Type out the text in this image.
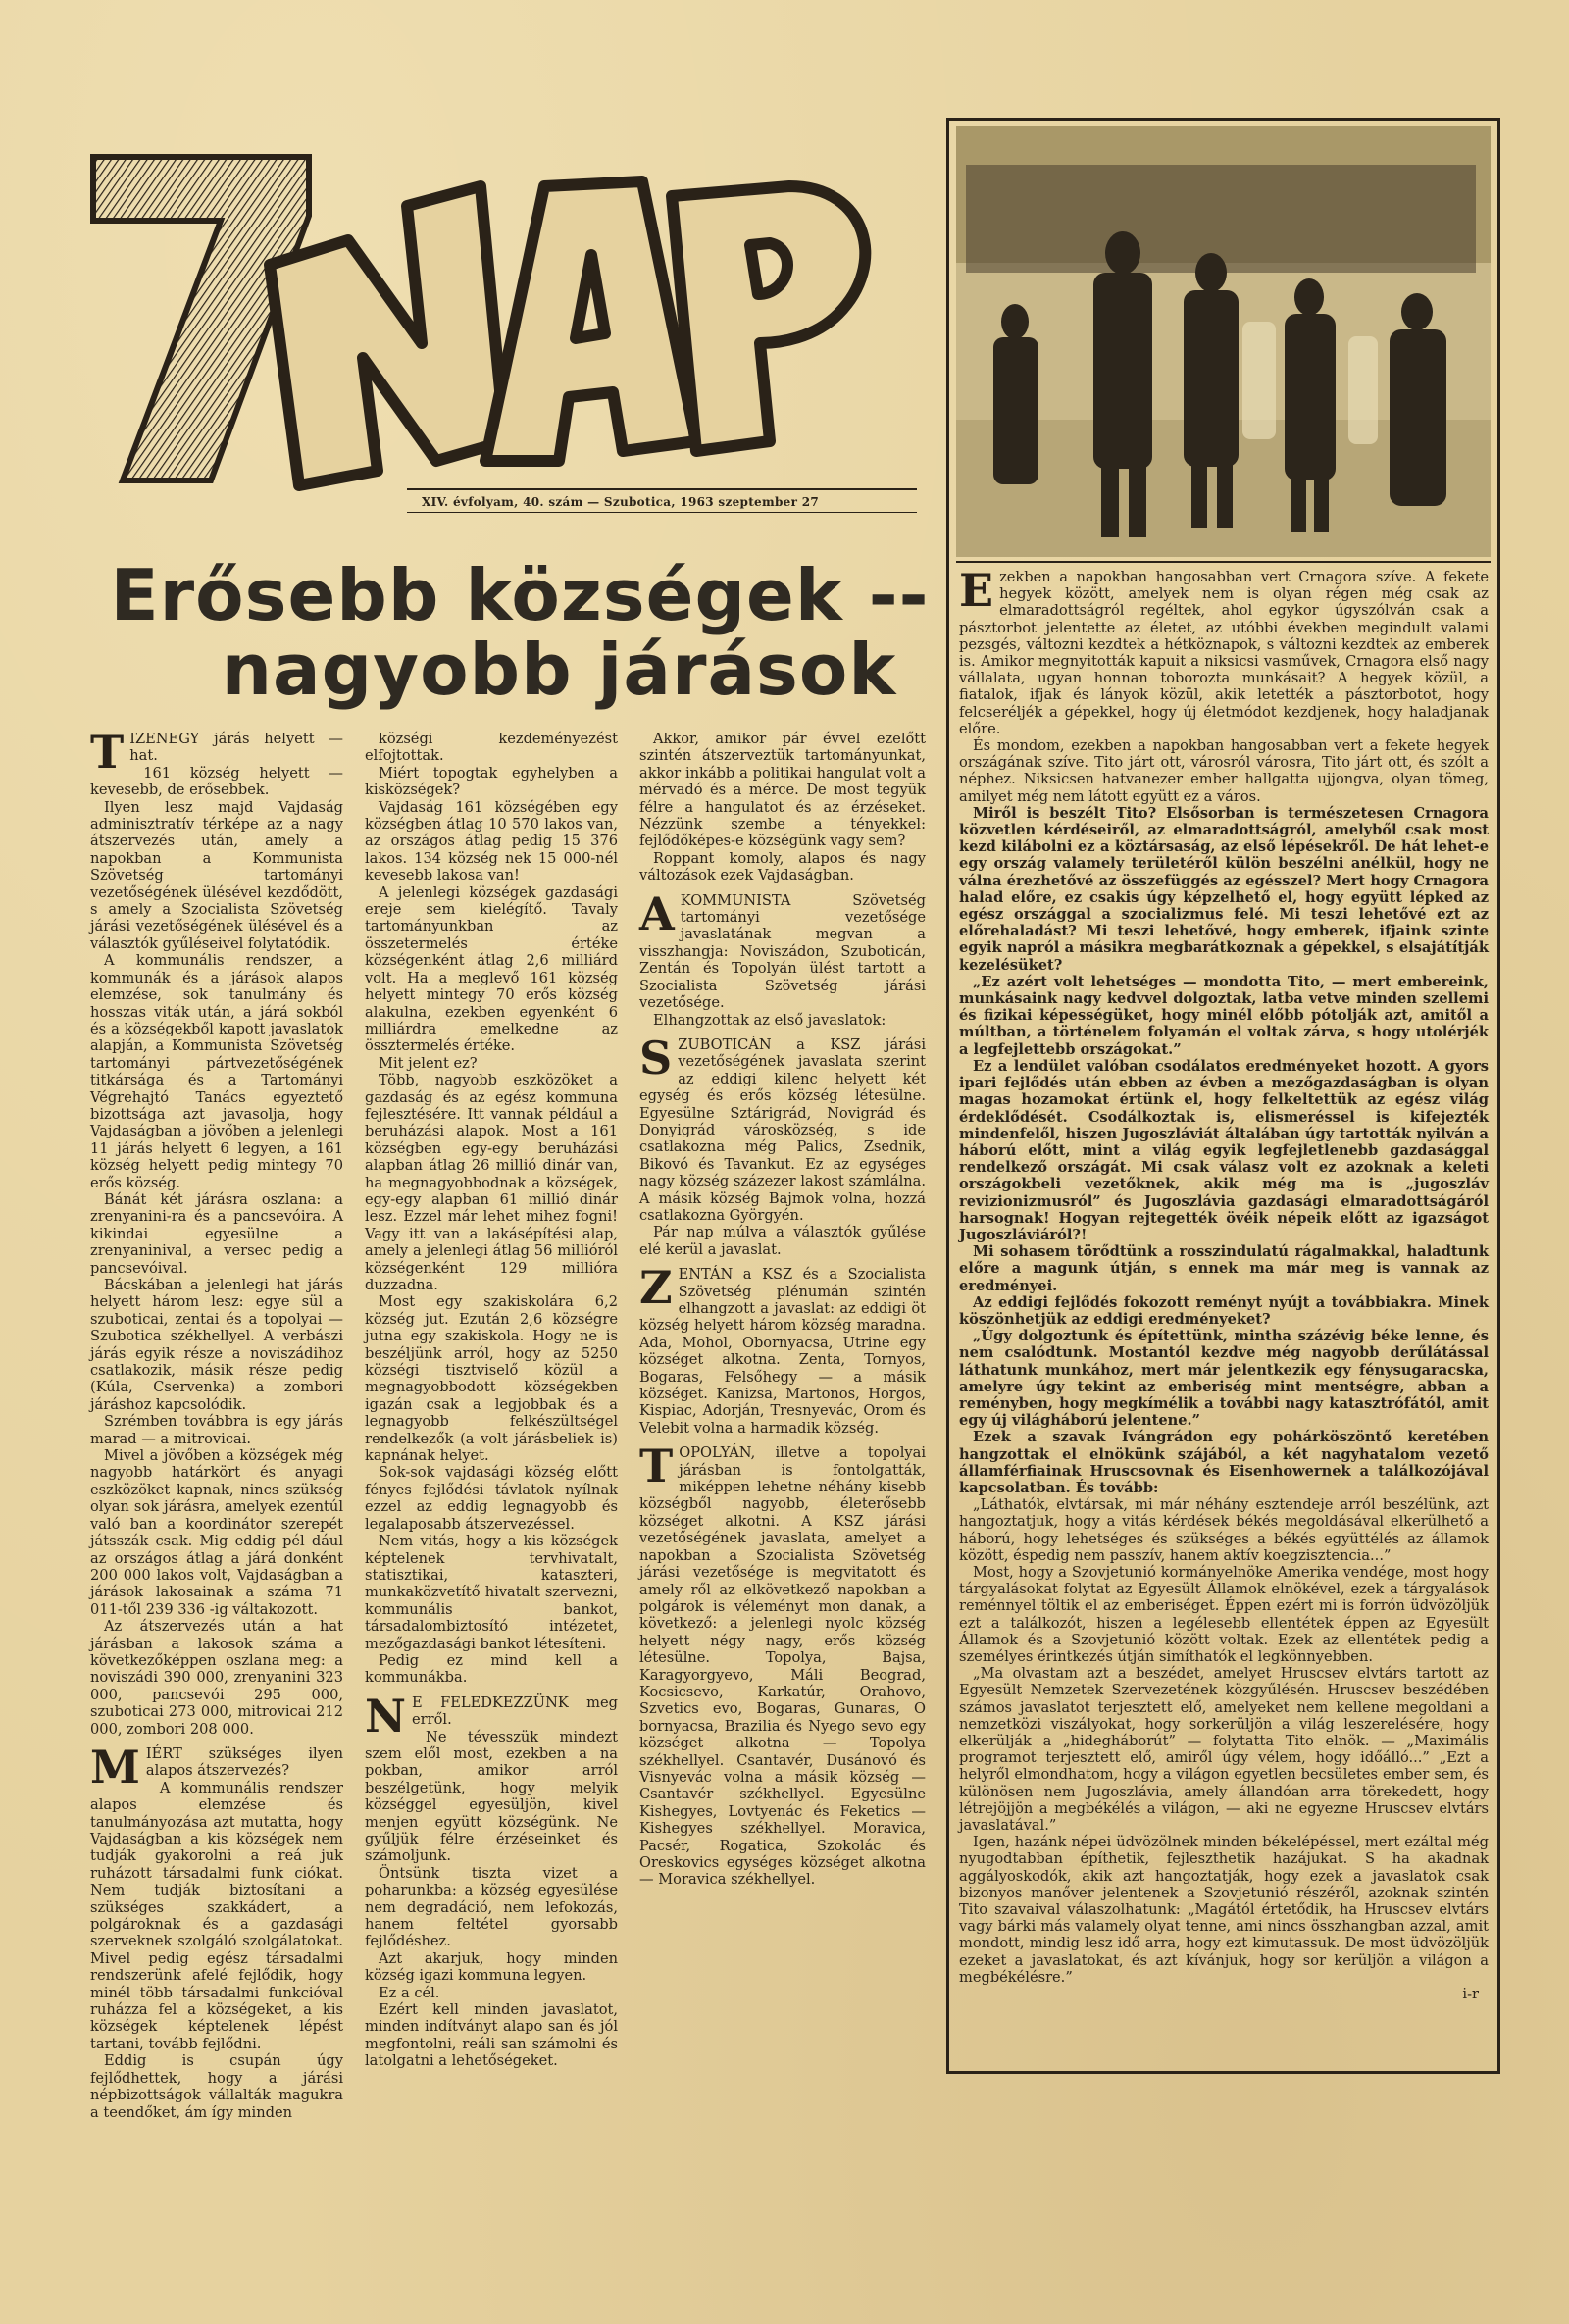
7NAP
XIV. évfolyam, 40. szám — Szubotica, 1963 szeptember 27
Erősebb községek --
nagyobb járások

TIZENEGY járás helyett — hat.

161 község helyett — kevesebb, de erősebbek.

Ilyen lesz majd Vajdaság adminisztratív térképe az a nagy átszervezés után, amely a napokban a Kommunista Szövetség tartományi vezetőségének ülésével kezdődött, s amely a Szocialista Szövetség járási vezetőségének ülésével és a választók gyűléseivel folytatódik.

A kommunális rendszer, a kommunák és a járások alapos elemzése, sok tanulmány és hosszas viták után, a járá sokból és a községekből kapott javaslatok alapján, a Kommunista Szövetség tartományi pártvezetőségének titkársága és a Tartományi Végrehajtó Tanács egyeztető bizottsága azt javasolja, hogy Vajdaságban a jövőben a jelenlegi 11 járás helyett 6 legyen, a 161 község helyett pedig mintegy 70 erős község.

Bánát két járásra oszlana: a zrenyanini-ra és a pancsevóira. A kikindai egyesülne a zrenyaninival, a versec pedig a pancsevóival.

Bácskában a jelenlegi hat járás helyett három lesz: egye sül a szuboticai, zentai és a topolyai — Szubotica székhellyel. A verbászi járás egyik része a noviszádihoz csatlakozik, másik része pedig (Kúla, Cservenka) a zombori járáshoz kapcsolódik.

Szrémben továbbra is egy járás marad — a mitrovicai.

Mivel a jövőben a községek még nagyobb határkört és anyagi eszközöket kapnak, nincs szükség olyan sok járásra, amelyek ezentúl való ban a koordinátor szerepét játsszák csak. Mig eddig pél dául az országos átlag a járá donként 200 000 lakos volt, Vajdaságban a járások lakosainak a száma 71 011-től 239 336 -ig váltakozott.

Az átszervezés után a hat járásban a lakosok száma a következőképpen oszlana meg: a noviszádi 390 000, zrenyanini 323 000, pancsevói 295 000, szuboticai 273 000, mitrovicai 212 000, zombori 208 000.

MIÉRT szükséges ilyen alapos átszervezés?

A kommunális rendszer alapos elemzése és tanulmányozása azt mutatta, hogy Vajdaságban a kis községek nem tudják gyakorolni a reá juk ruházott társadalmi funk ciókat. Nem tudják biztosítani a szükséges szakkádert, a polgároknak és a gazdasági szerveknek szolgáló szolgálatokat. Mivel pedig egész társadalmi rendszerünk afelé fejlődik, hogy minél több társadalmi funkcióval ruházza fel a községeket, a kis községek képtelenek lépést tartani, tovább fejlődni.

Eddig is csupán úgy fejlődhettek, hogy a járási népbizottságok vállalták magukra a teendőket, ám így minden

községi kezdeményezést elfojtottak.

Miért topogtak egyhelyben a kisközségek?

Vajdaság 161 községében egy községben átlag 10 570 lakos van, az országos átlag pedig 15 376 lakos. 134 község nek 15 000-nél kevesebb lakosa van!

A jelenlegi községek gazdasági ereje sem kielégítő. Tavaly tartományunkban az összetermelés értéke községenként átlag 2,6 milliárd volt. Ha a meglevő 161 község helyett mintegy 70 erős község alakulna, ezekben egyenként 6 milliárdra emelkedne az össztermelés értéke.

Mit jelent ez?

Több, nagyobb eszközöket a gazdaság és az egész kommuna fejlesztésére. Itt vannak például a beruházási alapok. Most a 161 községben egy-egy beruházási alapban átlag 26 millió dinár van, ha megnagyobbodnak a községek, egy-egy alapban 61 millió dinár lesz. Ezzel már lehet mihez fogni! Vagy itt van a lakásépítési alap, amely a jelenlegi átlag 56 millióról községenként 129 millióra duzzadna.

Most egy szakiskolára 6,2 község jut. Ezután 2,6 községre jutna egy szakiskola. Hogy ne is beszéljünk arról, hogy az 5250 községi tisztviselő közül a megnagyobbodott községekben igazán csak a legjobbak és a legnagyobb felkészültségel rendelkezők (a volt járásbeliek is) kapnának helyet.

Sok-sok vajdasági község előtt fényes fejlődési távlatok nyílnak ezzel az eddig legnagyobb és legalaposabb átszervezéssel.

Nem vitás, hogy a kis községek képtelenek tervhivatalt, statisztikai, kataszteri, munkaközvetítő hivatalt szervezni, kommunális bankot, társadalombiztosító intézetet, mezőgazdasági bankot létesíteni.

Pedig ez mind kell a kommunákba.

N E FELEDKEZZÜNK meg erről.

Ne tévesszük mindezt szem elől most, ezekben a na pokban, amikor arról beszélgetünk, hogy melyik községgel egyesüljön, kivel menjen együtt községünk. Ne gyűljük félre érzéseinket és számoljunk.

Öntsünk tiszta vizet a poharunkba: a község egyesülése nem degradáció, nem lefokozás, hanem feltétel gyorsabb fejlődéshez.

Azt akarjuk, hogy minden község igazi kommuna legyen.

Ez a cél.

Ezért kell minden javaslatot, minden indítványt alapo san és jól megfontolni, reáli san számolni és latolgatni a lehetőségeket.

Akkor, amikor pár évvel ezelőtt szintén átszerveztük tartományunkat, akkor inkább a politikai hangulat volt a mérvadó és a mérce. De most tegyük félre a hangulatot és az érzéseket. Nézzünk szembe a tényekkel: fejlődőképes-e községünk vagy sem?

Roppant komoly, alapos és nagy változások ezek Vajdaságban.

AKOMMUNISTA Szövetség tartományi vezetősége javaslatának megvan a visszhangja: Noviszádon, Szuboticán, Zentán és Topolyán ülést tartott a Szocialista Szövetség járási vezetősége.

Elhangzottak az első javaslatok:

SZUBOTICÁN a KSZ járási vezetőségének javaslata szerint az eddigi kilenc helyett két egység és erős község létesülne. Egyesülne Sztárigrád, Novigrád és Donyigrád városközség, s ide csatlakozna még Palics, Zsednik, Bikovó és Tavankut. Ez az egységes nagy község százezer lakost számlálna. A másik község Bajmok volna, hozzá csatlakozna Györgyén.

Pár nap múlva a választók gyűlése elé kerül a javaslat.

ZENTÁN a KSZ és a Szocialista Szövetség plénumán szintén elhangzott a javaslat: az eddigi öt község helyett három község maradna. Ada, Mohol, Obornyacsa, Utrine egy községet alkotna. Zenta, Tornyos, Bogaras, Felsőhegy — a másik községet. Kanizsa, Martonos, Horgos, Kispiac, Adorján, Tresnyevác, Orom és Velebit volna a harmadik község.

TOPOLYÁN, illetve a topolyai járásban is fontolgatták, miképpen lehetne néhány kisebb községből nagyobb, életerősebb községet alkotni. A KSZ járási vezetőségének javaslata, amelyet a napokban a Szocialista Szövetség járási vezetősége is megvitatott és amely ről az elkövetkező napokban a polgárok is véleményt mon danak, a következő: a jelenlegi nyolc község helyett négy nagy, erős község létesülne. Topolya, Bajsa, Karagyorgyevo, Máli Beograd, Kocsicsevo, Karkatúr, Orahovo, Szvetics evo, Bogaras, Gunaras, O bornyacsa, Brazilia és Nyego sevo egy községet alkotna — Topolya székhellyel. Csantavér, Dusánovó és Visnyevác volna a másik község — Csantavér székhellyel. Egyesülne Kishegyes, Lovtyenác és Feketics — Kishegyes székhellyel. Moravica, Pacsér, Rogatica, Szokolác és Oreskovics egységes községet alkotna — Moravica székhellyel.

Ezekben a napokban hangosabban vert Crnagora szíve. A fekete hegyek között, amelyek nem is olyan régen még csak az elmaradottságról regéltek, ahol egykor úgyszólván csak a pásztorbot jelentette az életet, az utóbbi években megindult valami pezsgés, változni kezdtek a hétköznapok, s változni kezdtek az emberek is. Amikor megnyitották kapuit a niksicsi vasművek, Crnagora első nagy vállalata, ugyan honnan toborozta munkásait? A hegyek közül, a fiatalok, ifjak és lányok közül, akik letették a pásztorbotot, hogy felcseréljék a gépekkel, hogy új életmódot kezdjenek, hogy haladjanak előre.

És mondom, ezekben a napokban hangosabban vert a fekete hegyek országának szíve. Tito járt ott, városról városra, Tito járt ott, és szólt a néphez. Niksicsen hatvanezer ember hallgatta ujjongva, olyan tömeg, amilyet még nem látott együtt ez a város.

Miről is beszélt Tito? Elsősorban is természetesen Crnagora közvetlen kérdéseiről, az elmaradottságról, amelyből csak most kezd kilábolni ez a köztársaság, az első lépésekről. De hát lehet-e egy ország valamely területéről külön beszélni anélkül, hogy ne válna érezhetővé az összefüggés az egésszel? Mert hogy Crnagora halad előre, ez csakis úgy képzelhető el, hogy együtt lépked az egész országgal a szocializmus felé. Mi teszi lehetővé ezt az előrehaladást? Mi teszi lehetővé, hogy emberek, ifjaink szinte egyik napról a másikra megbarátkoznak a gépekkel, s elsajátítják kezelésüket?

„Ez azért volt lehetséges — mondotta Tito, — mert embereink, munkásaink nagy kedvvel dolgoztak, latba vetve minden szellemi és fizikai képességüket, hogy minél előbb pótolják azt, amitől a múltban, a történelem folyamán el voltak zárva, s hogy utolérjék a legfejlettebb országokat.”

Ez a lendület valóban csodálatos eredményeket hozott. A gyors ipari fejlődés után ebben az évben a mezőgazdaságban is olyan magas hozamokat értünk el, hogy felkeltettük az egész világ érdeklődését. Csodálkoztak is, elismeréssel is kifejezték mindenfelől, hiszen Jugoszláviát általában úgy tartották nyilván a háború előtt, mint a világ egyik legfejletlenebb gazdasággal rendelkező országát. Mi csak válasz volt ez azoknak a keleti országokbeli vezetőknek, akik még ma is „jugoszláv revizionizmusról” és Jugoszlávia gazdasági elmaradottságáról harsognak! Hogyan rejtegették övéik népeik előtt az igazságot Jugoszláviáról?!

Mi sohasem törődtünk a rosszindulatú rágalmakkal, haladtunk előre a magunk útján, s ennek ma már meg is vannak az eredményei.

Az eddigi fejlődés fokozott reményt nyújt a továbbiakra. Minek köszönhetjük az eddigi eredményeket?

„Úgy dolgoztunk és építettünk, mintha százévig béke lenne, és nem csalódtunk. Mostantól kezdve még nagyobb derűlátással láthatunk munkához, mert már jelentkezik egy fénysugaracska, amelyre úgy tekint az emberiség mint mentségre, abban a reményben, hogy megkímélik a további nagy katasztrófától, amit egy új világháború jelentene.”

Ezek a szavak Ivángrádon egy pohárköszöntő keretében hangzottak el elnökünk szájából, a két nagyhatalom vezető államférfiainak Hruscsovnak és Eisenhowernek a találkozójával kapcsolatban. És tovább:

„Láthatók, elvtársak, mi már néhány esztendeje arról beszélünk, azt hangoztatjuk, hogy a vitás kérdések békés megoldásával elkerülhető a háború, hogy lehetséges és szükséges a békés együttélés az államok között, éspedig nem passzív, hanem aktív koegzisztencia...”

Most, hogy a Szovjetunió kormányelnöke Amerika vendége, most hogy tárgyalásokat folytat az Egyesült Államok elnökével, ezek a tárgyalások reménnyel töltik el az emberiséget. Éppen ezért mi is forrón üdvözöljük ezt a találkozót, hiszen a legélesebb ellentétek éppen az Egyesült Államok és a Szovjetunió között voltak. Ezek az ellentétek pedig a személyes érintkezés útján simíthatók el legkönnyebben.

„Ma olvastam azt a beszédet, amelyet Hruscsev elvtárs tartott az Egyesült Nemzetek Szervezetének közgyűlésén. Hruscsev beszédében számos javaslatot terjesztett elő, amelyeket nem kellene megoldani a nemzetközi viszályokat, hogy sorkerüljön a világ leszerelésére, hogy elkerülják a „hidegháborút” — folytatta Tito elnök. — „Maximális programot terjesztett elő, amiről úgy vélem, hogy időálló...” „Ezt a helyről elmondhatom, hogy a világon egyetlen becsületes ember sem, és különösen nem Jugoszlávia, amely állandóan arra törekedett, hogy létrejöjjön a megbékélés a világon, — aki ne egyezne Hruscsev elvtárs javaslatával.”

Igen, hazánk népei üdvözölnek minden békelépéssel, mert ezáltal még nyugodtabban építhetik, fejleszthetik hazájukat. S ha akadnak aggályoskodók, akik azt hangoztatják, hogy ezek a javaslatok csak bizonyos manőver jelentenek a Szovjetunió részéről, azoknak szintén Tito szavaival válaszolhatunk: „Magától értetődik, ha Hruscsev elvtárs vagy bárki más valamely olyat tenne, ami nincs összhangban azzal, amit mondott, mindig lesz idő arra, hogy ezt kimutassuk. De most üdvözöljük ezeket a javaslatokat, és azt kívánjuk, hogy sor kerüljön a világon a megbékélésre.”

i-r
